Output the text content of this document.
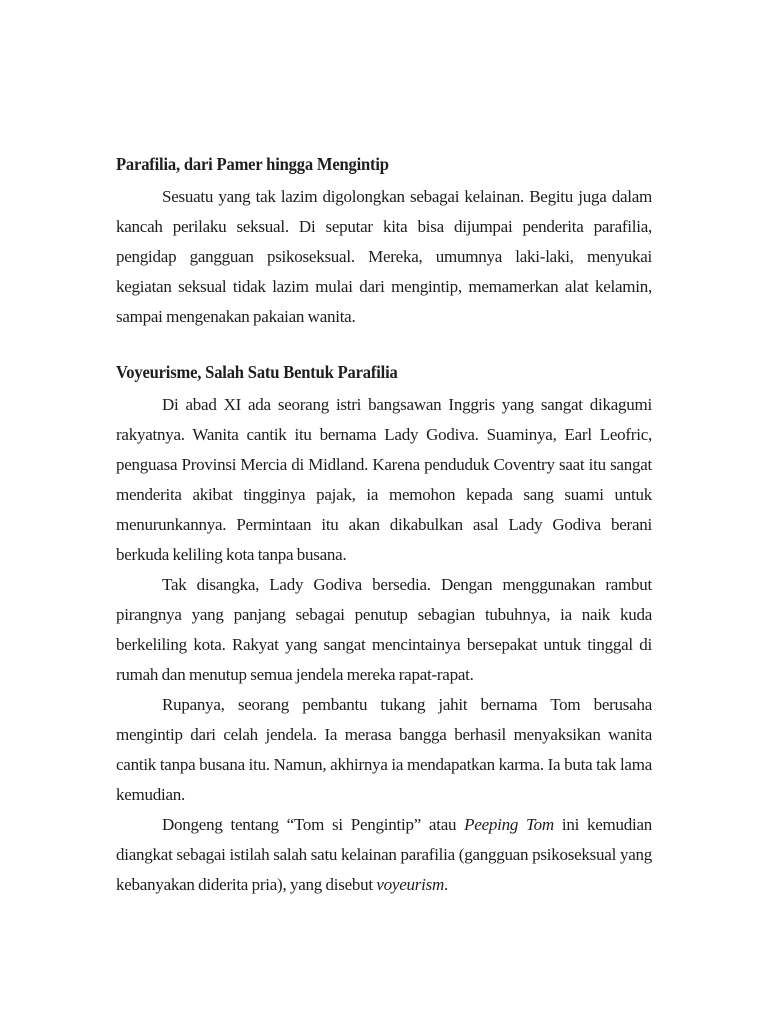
Parafilia, dari Pamer hingga Mengintip

Sesuatu yang tak lazim digolongkan sebagai kelainan. Begitu juga dalam kancah perilaku seksual. Di seputar kita bisa dijumpai penderita parafilia, pengidap gangguan psikoseksual. Mereka, umumnya laki-laki, menyukai kegiatan seksual tidak lazim mulai dari mengintip, memamerkan alat kelamin, sampai mengenakan pakaian wanita.

Voyeurisme, Salah Satu Bentuk Parafilia

Di abad XI ada seorang istri bangsawan Inggris yang sangat dikagumi rakyatnya. Wanita cantik itu bernama Lady Godiva. Suaminya, Earl Leofric, penguasa Provinsi Mercia di Midland. Karena penduduk Coventry saat itu sangat menderita akibat tingginya pajak, ia memohon kepada sang suami untuk menurunkannya. Permintaan itu akan dikabulkan asal Lady Godiva berani berkuda keliling kota tanpa busana.

Tak disangka, Lady Godiva bersedia. Dengan menggunakan rambut pirangnya yang panjang sebagai penutup sebagian tubuhnya, ia naik kuda berkeliling kota. Rakyat yang sangat mencintainya bersepakat untuk tinggal di rumah dan menutup semua jendela mereka rapat-rapat.

Rupanya, seorang pembantu tukang jahit bernama Tom berusaha mengintip dari celah jendela. Ia merasa bangga berhasil menyaksikan wanita cantik tanpa busana itu. Namun, akhirnya ia mendapatkan karma. Ia buta tak lama kemudian.

Dongeng tentang “Tom si Pengintip” atau Peeping Tom ini kemudian diangkat sebagai istilah salah satu kelainan parafilia (gangguan psikoseksual yang kebanyakan diderita pria), yang disebut voyeurism.
